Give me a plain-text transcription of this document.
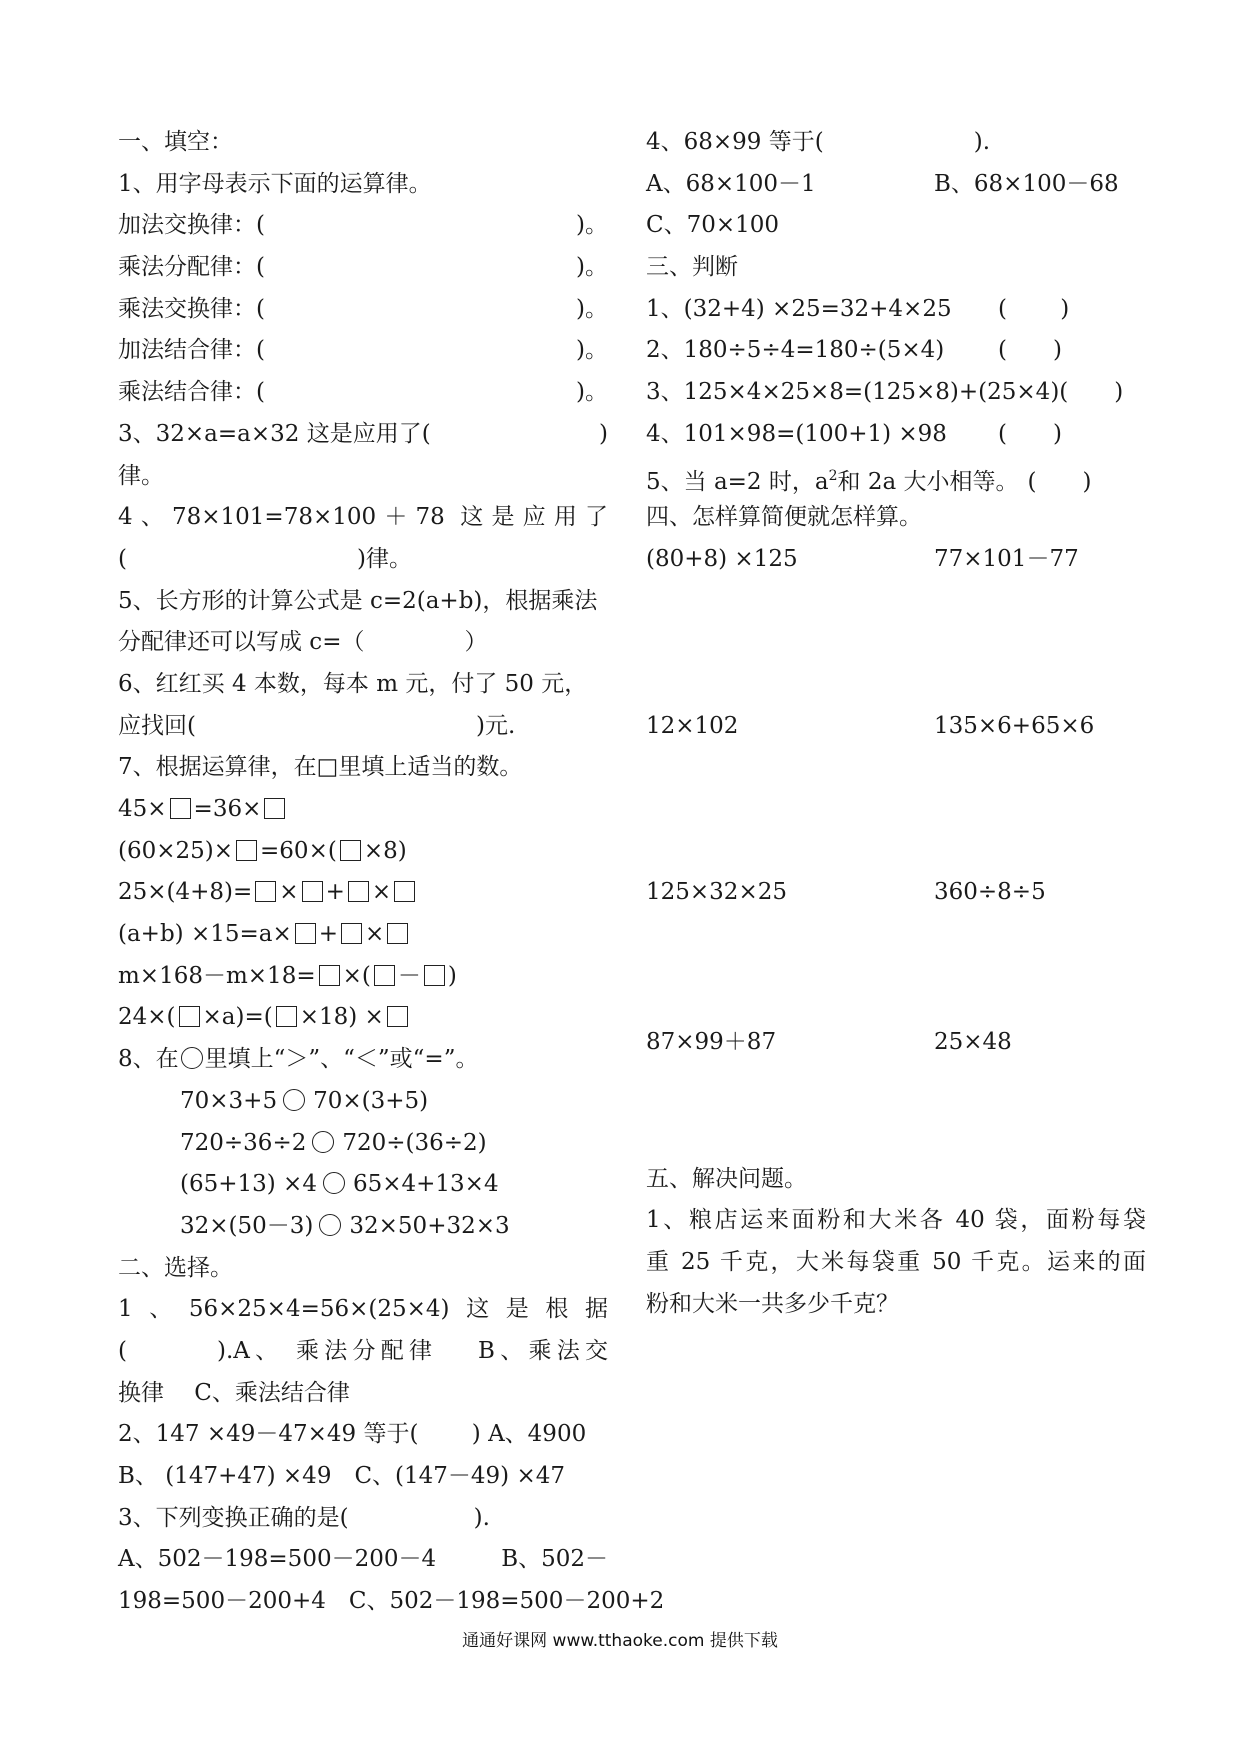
一、填空：
1、用字母表示下面的运算律。
加法交换律：(	)。
乘法分配律：(	)。
乘法交换律：(	)。
加法结合律：(	)。
乘法结合律：(	)。
3、32×a=a×32 这是应用了(	)
律。
4、78×101=78×100＋78 这是应用了
(	)律。
5、长方形的计算公式是 c=2(a+b)，根据乘法
分配律还可以写成 c=（	）
6、红红买 4 本数，每本 m 元，付了 50 元，
应找回(	)元.
7、根据运算律，在□里填上适当的数。
45× =36×
(60×25)× =60×( ×8)
25×(4+8)= × + ×
(a+b) ×15=a× + ×
m×168－m×18= ×( － )
24×( ×a)=( ×18) ×
8、在 里填上“＞”、“＜”或“=”。
70×3+5 70×(3+5)
720÷36÷2 720÷(36÷2)
(65+13) ×4 65×4+13×4
32×(50－3) 32×50+32×3
二、选择。
1、56×25×4=56×(25×4)这是根据
(　　　).A、 乘法分配律　 B、乘法交
换律　 C、乘法结合律
2、147 ×49－47×49 等于(　　 ) A、4900
B、 (147+47) ×49　C、(147－49) ×47
3、下列变换正确的是(	).
A、502－198=500－200－4	B、502－
198=500－200+4　C、502－198=500－200+2
4、68×99 等于(	).
A、68×100－1	B、68×100－68
C、70×100
三、判断
1、(32+4) ×25=32+4×25 (　　 )
2、180÷5÷4=180÷(5×4) (　　)
3、125×4×25×8=(125×8)+(25×4)(　　)
4、101×98=(100+1) ×98 (　　)
5、当 a=2 时，$a^2$和 2a 大小相等。 (　　)
四、怎样算简便就怎样算。
(80+8) ×125	77×101－77
12×102	135×6+65×6
125×32×25	360÷8÷5
87×99＋87	25×48
五、解决问题。
1、粮店运来面粉和大米各 40 袋，面粉每袋
重 25 千克，大米每袋重 50 千克。运来的面
粉和大米一共多少千克？
通通好课网 www.tthaoke.com 提供下载
